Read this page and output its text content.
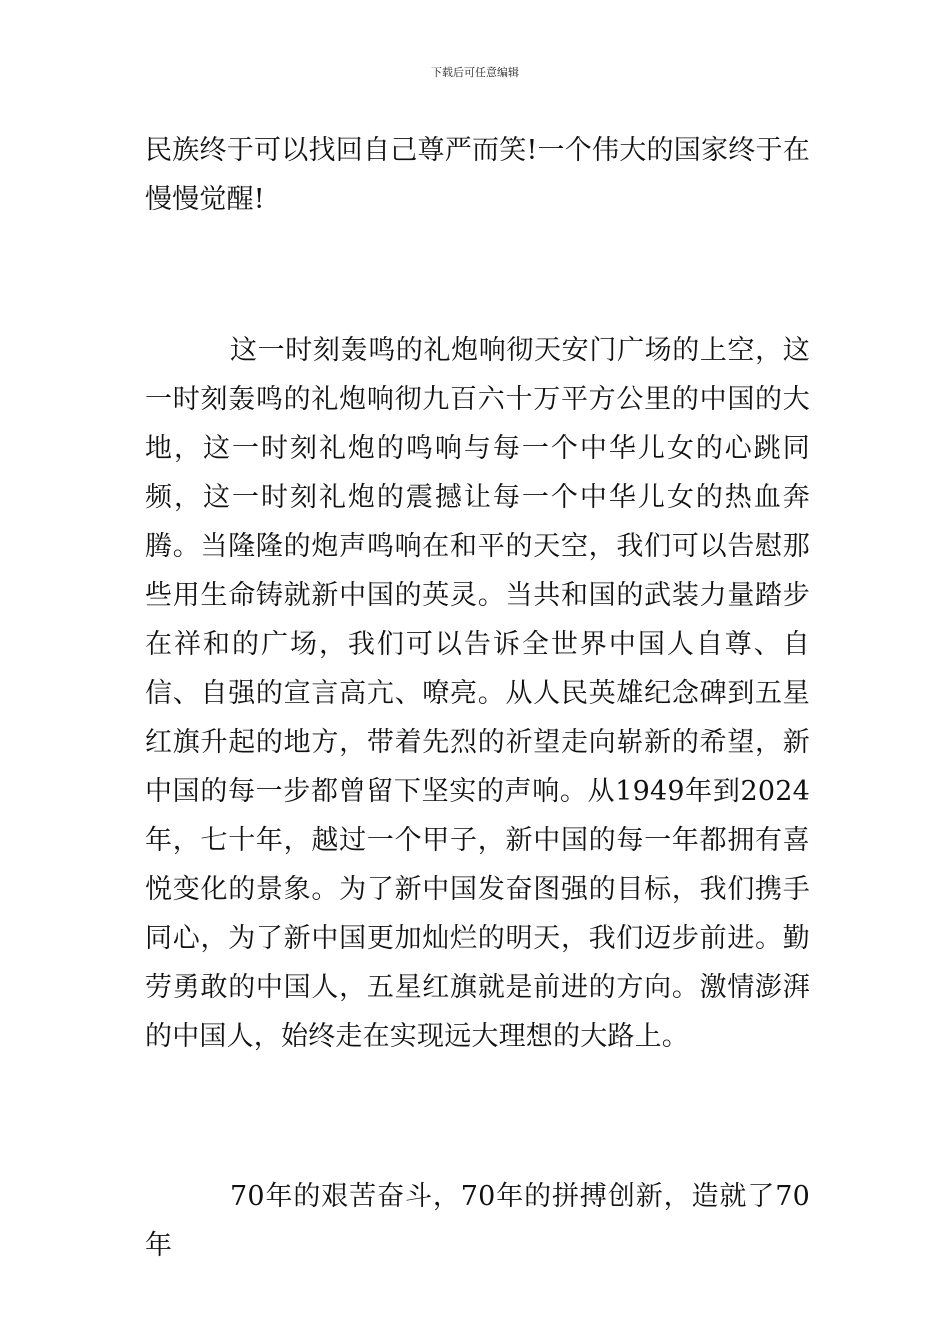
下载后可任意编辑

民族终于可以找回自己尊严而笑!一个伟大的国家终于在慢慢觉醒!

这一时刻轰鸣的礼炮响彻天安门广场的上空，这一时刻轰鸣的礼炮响彻九百六十万平方公里的中国的大地，这一时刻礼炮的鸣响与每一个中华儿女的心跳同频，这一时刻礼炮的震撼让每一个中华儿女的热血奔腾。当隆隆的炮声鸣响在和平的天空，我们可以告慰那些用生命铸就新中国的英灵。当共和国的武装力量踏步在祥和的广场，我们可以告诉全世界中国人自尊、自信、自强的宣言高亢、嘹亮。从人民英雄纪念碑到五星红旗升起的地方，带着先烈的祈望走向崭新的希望，新中国的每一步都曾留下坚实的声响。从1949年到2024年，七十年，越过一个甲子，新中国的每一年都拥有喜悦变化的景象。为了新中国发奋图强的目标，我们携手同心，为了新中国更加灿烂的明天，我们迈步前进。勤劳勇敢的中国人，五星红旗就是前进的方向。激情澎湃的中国人，始终走在实现远大理想的大路上。

70年的艰苦奋斗，70年的拼搏创新，造就了70年
